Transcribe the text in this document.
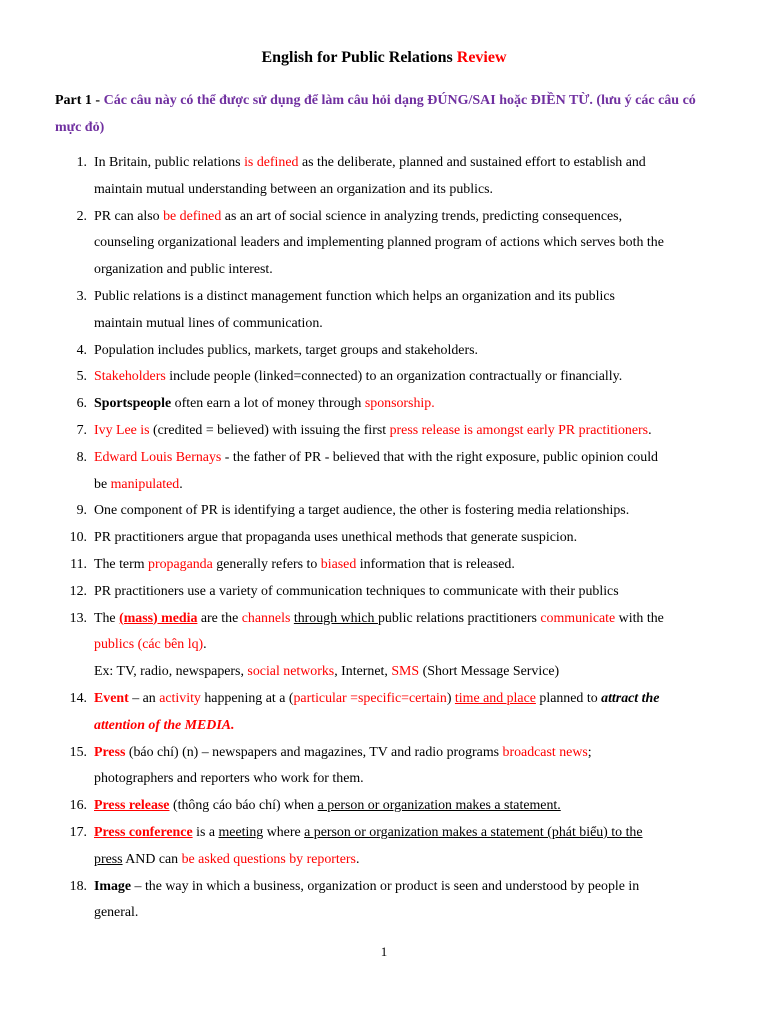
English for Public Relations Review
Part 1 - Các câu này có thể được sử dụng để làm câu hỏi dạng ĐÚNG/SAI hoặc ĐIỀN TỪ. (lưu ý các câu có mực đỏ)
1. In Britain, public relations is defined as the deliberate, planned and sustained effort to establish and
maintain mutual understanding between an organization and its publics.
2. PR can also be defined as an art of social science in analyzing trends, predicting consequences,
counseling organizational leaders and implementing planned program of actions which serves both the
organization and public interest.
3. Public relations is a distinct management function which helps an organization and its publics
maintain mutual lines of communication.
4. Population includes publics, markets, target groups and stakeholders.
5. Stakeholders include people (linked=connected) to an organization contractually or financially.
6. Sportspeople often earn a lot of money through sponsorship.
7. Ivy Lee is (credited = believed) with issuing the first press release is amongst early PR practitioners.
8. Edward Louis Bernays - the father of PR - believed that with the right exposure, public opinion could
be manipulated.
9. One component of PR is identifying a target audience, the other is fostering media relationships.
10. PR practitioners argue that propaganda uses unethical methods that generate suspicion.
11. The term propaganda generally refers to biased information that is released.
12. PR practitioners use a variety of communication techniques to communicate with their publics
13. The (mass) media are the channels through which public relations practitioners communicate with the
publics (các bên lq).
Ex: TV, radio, newspapers, social networks, Internet, SMS (Short Message Service)
14. Event – an activity happening at a (particular =specific=certain) time and place planned to attract the
attention of the MEDIA.
15. Press (báo chí) (n) – newspapers and magazines, TV and radio programs broadcast news;
photographers and reporters who work for them.
16. Press release (thông cáo báo chí) when a person or organization makes a statement.
17. Press conference is a meeting where a person or organization makes a statement (phát biểu) to the
press AND can be asked questions by reporters.
18. Image – the way in which a business, organization or product is seen and understood by people in
general.
1
